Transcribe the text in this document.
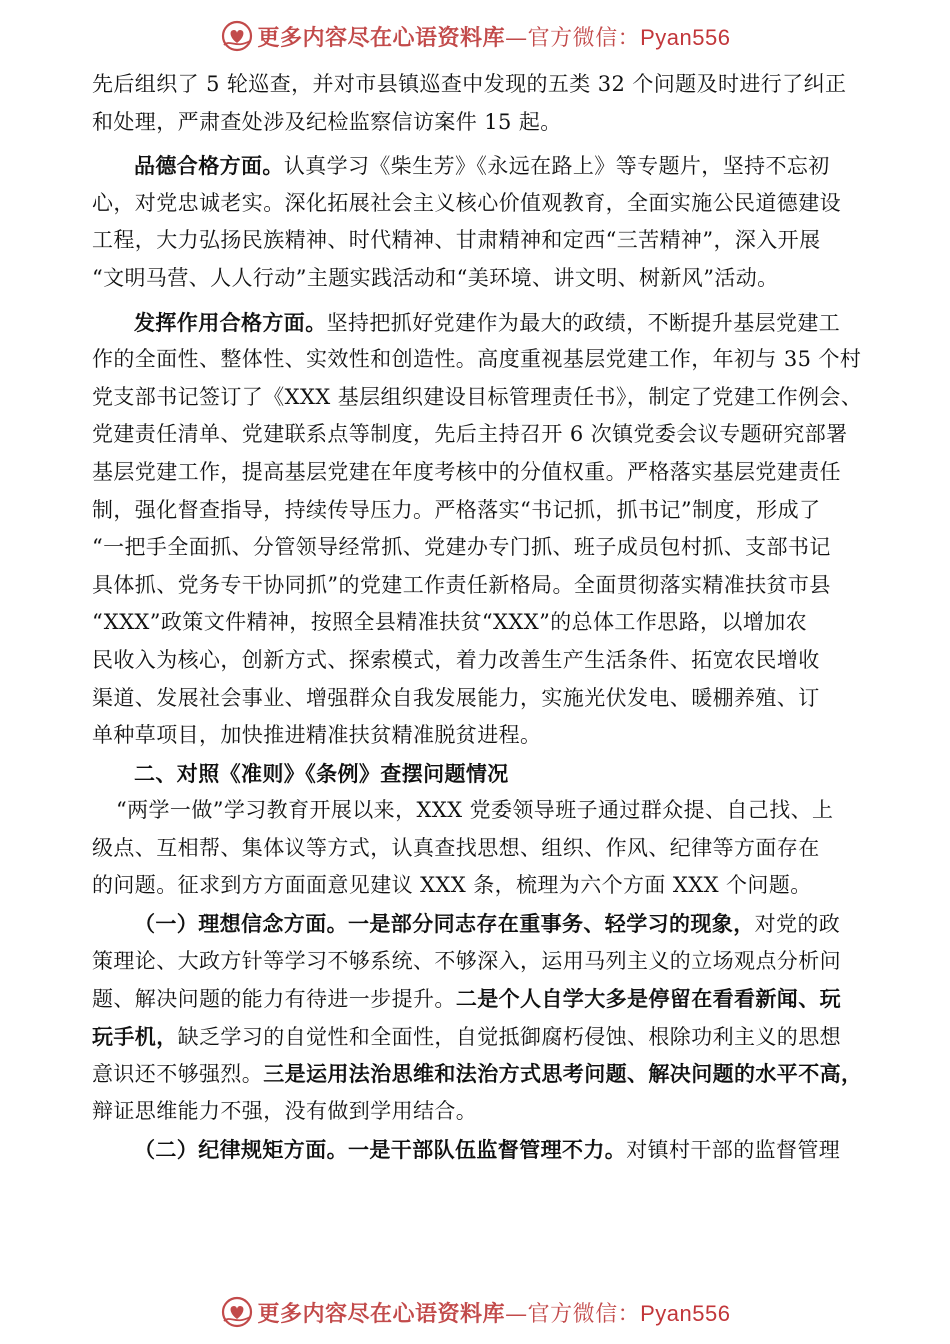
更多内容尽在心语资料库—官方微信：Pyan556
先后组织了 5 轮巡查，并对市县镇巡查中发现的五类 32 个问题及时进行了纠正
和处理，严肃查处涉及纪检监察信访案件 15 起。
品德合格方面。认真学习《柴生芳》《永远在路上》等专题片，坚持不忘初
心，对党忠诚老实。深化拓展社会主义核心价值观教育，全面实施公民道德建设
工程，大力弘扬民族精神、时代精神、甘肃精神和定西“三苦精神”，深入开展
“文明马营、人人行动”主题实践活动和“美环境、讲文明、树新风”活动。
发挥作用合格方面。坚持把抓好党建作为最大的政绩，不断提升基层党建工
作的全面性、整体性、实效性和创造性。高度重视基层党建工作，年初与 35 个村
党支部书记签订了《XXX 基层组织建设目标管理责任书》，制定了党建工作例会、
党建责任清单、党建联系点等制度，先后主持召开 6 次镇党委会议专题研究部署
基层党建工作，提高基层党建在年度考核中的分值权重。严格落实基层党建责任
制，强化督查指导，持续传导压力。严格落实“书记抓，抓书记”制度，形成了
“一把手全面抓、分管领导经常抓、党建办专门抓、班子成员包村抓、支部书记
具体抓、党务专干协同抓”的党建工作责任新格局。全面贯彻落实精准扶贫市县
“XXX”政策文件精神，按照全县精准扶贫“XXX”的总体工作思路，以增加农
民收入为核心，创新方式、探索模式，着力改善生产生活条件、拓宽农民增收
渠道、发展社会事业、增强群众自我发展能力，实施光伏发电、暖棚养殖、订
单种草项目，加快推进精准扶贫精准脱贫进程。
二、对照《准则》《条例》查摆问题情况
“两学一做”学习教育开展以来，XXX 党委领导班子通过群众提、自己找、上
级点、互相帮、集体议等方式，认真查找思想、组织、作风、纪律等方面存在
的问题。征求到方方面面意见建议 XXX 条，梳理为六个方面 XXX 个问题。
（一）理想信念方面。一是部分同志存在重事务、轻学习的现象，对党的政
策理论、大政方针等学习不够系统、不够深入，运用马列主义的立场观点分析问
题、解决问题的能力有待进一步提升。二是个人自学大多是停留在看看新闻、玩
玩手机，缺乏学习的自觉性和全面性，自觉抵御腐朽侵蚀、根除功利主义的思想
意识还不够强烈。三是运用法治思维和法治方式思考问题、解决问题的水平不高，
辩证思维能力不强，没有做到学用结合。
（二）纪律规矩方面。一是干部队伍监督管理不力。对镇村干部的监督管理
更多内容尽在心语资料库—官方微信：Pyan556
